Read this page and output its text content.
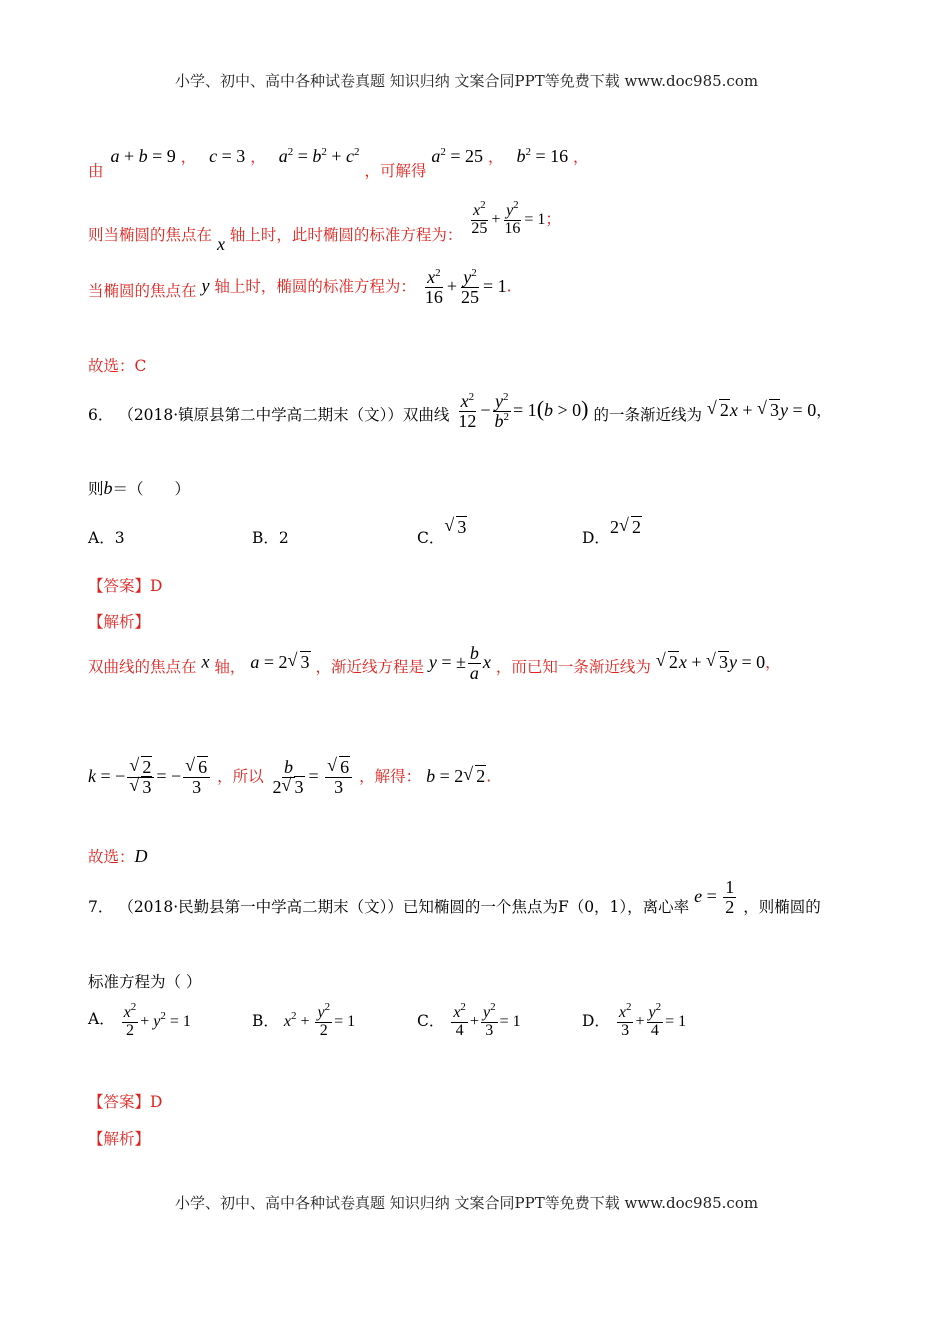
小学、初中、高中各种试卷真题 知识归纳 文案合同PPT等免费下载 www.doc985.com
由 a + b = 9 ， c = 3 ， $a^2 = b^2 + c^2$ ，可解得 $a^2 = 25$ ， $b^2 = 16$ ，
则当椭圆的焦点在 x 轴上时，此时椭圆的标准方程为： $\frac{x^2}{25} + \frac{y^2}{16} = 1$；
当椭圆的焦点在 y 轴上时，椭圆的标准方程为： $\frac{x^2}{16} + \frac{y^2}{25} = 1$.
故选：C
6． （2018·镇原县第二中学高二期末（文））双曲线 $\frac{x^2}{12} - \frac{y^2}{b^2} = 1(b > 0)$ 的一条渐近线为 √ 2x + √ 3y = 0，
则b＝（　　）
A．3	B．2	C．√ 3
D．2 √ 2
【答案】D
【解析】
双曲线的焦点在 x 轴， a = 2 √ 3 ，渐近线方程是 y = ± $\frac{b}{a}$ x ，而已知一条渐近线为 √ 2x + √ 3y = 0，
k = − √ 2
√ 3 = − √ $\frac{6}{3}$ ，所以 $\frac{b}{2 √ 3}$ = √ $\frac{6}{3}$ ，解得： b = 2 √ 2.
故选：D
7． （2018·民勤县第一中学高二期末（文））已知椭圆的一个焦点为F（0，1），离心率 $e = \frac{1}{2}$ ，则椭圆的
标准方程为（ ）
A． $\frac{x^2}{2} + y^2 = 1$	B． $x^2 + \frac{y^2}{2} = 1$	C． $\frac{x^2}{4} + \frac{y^2}{3} = 1$	D． $\frac{x^2}{3} + \frac{y^2}{4} = 1$
【答案】D
【解析】
小学、初中、高中各种试卷真题 知识归纳 文案合同PPT等免费下载 www.doc985.com
